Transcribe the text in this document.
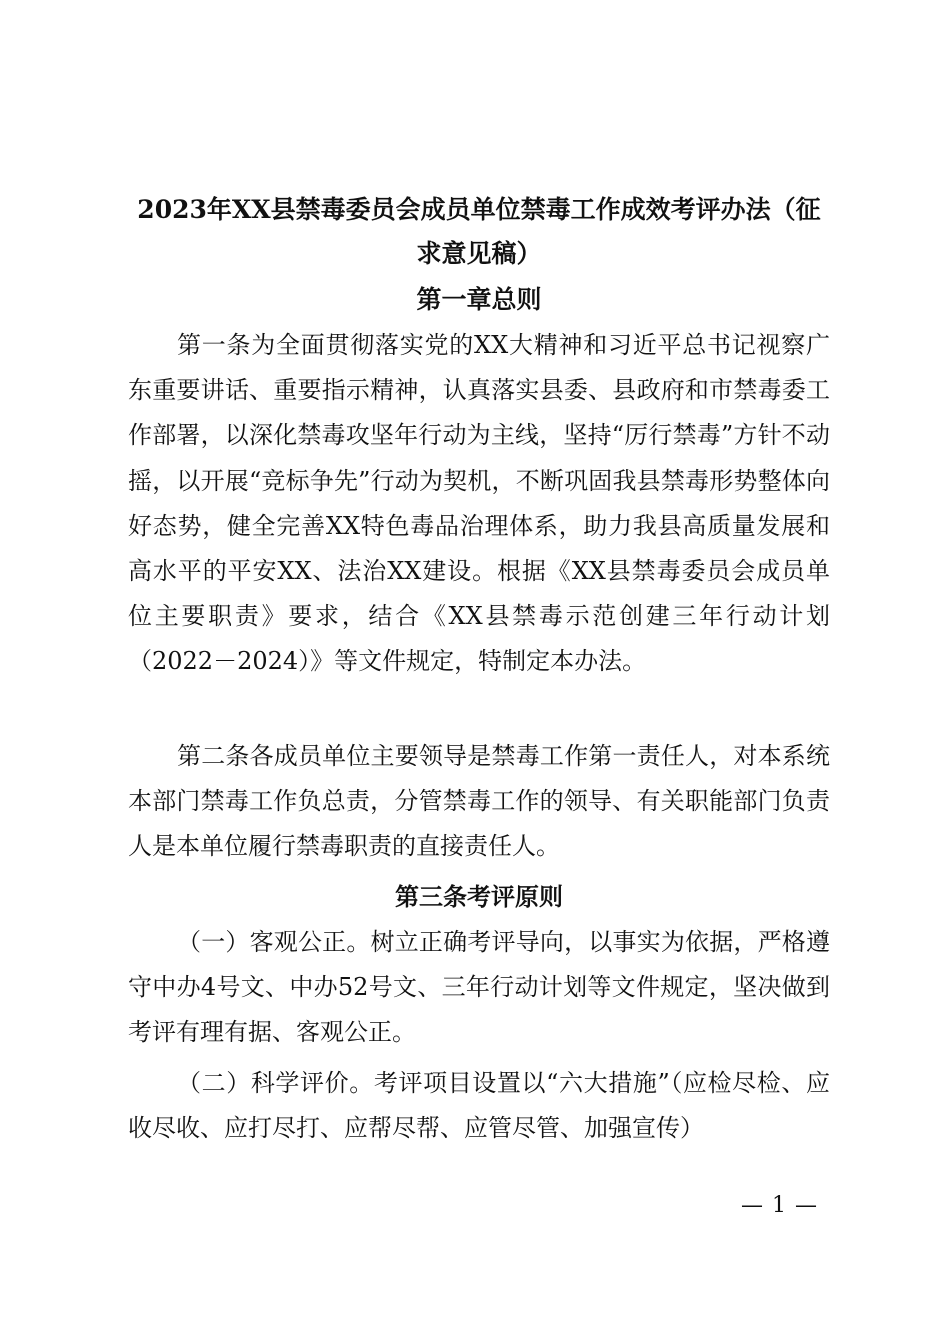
2023年XX县禁毒委员会成员单位禁毒工作成效考评办法（征求意见稿）
第一章总则

第一条为全面贯彻落实党的XX大精神和习近平总书记视察广东重要讲话、重要指示精神，认真落实县委、县政府和市禁毒委工作部署，以深化禁毒攻坚年行动为主线，坚持“厉行禁毒”方针不动摇，以开展“竞标争先”行动为契机，不断巩固我县禁毒形势整体向好态势，健全完善XX特色毒品治理体系，助力我县高质量发展和高水平的平安XX、法治XX建设。根据《XX县禁毒委员会成员单位主要职责》要求，结合《XX县禁毒示范创建三年行动计划（2022－2024）》等文件规定，特制定本办法。

第二条各成员单位主要领导是禁毒工作第一责任人，对本系统本部门禁毒工作负总责，分管禁毒工作的领导、有关职能部门负责人是本单位履行禁毒职责的直接责任人。

第三条考评原则

（一）客观公正。树立正确考评导向，以事实为依据，严格遵守中办4号文、中办52号文、三年行动计划等文件规定，坚决做到考评有理有据、客观公正。

（二）科学评价。考评项目设置以“六大措施”（应检尽检、应收尽收、应打尽打、应帮尽帮、应管尽管、加强宣传）

— 1 —
